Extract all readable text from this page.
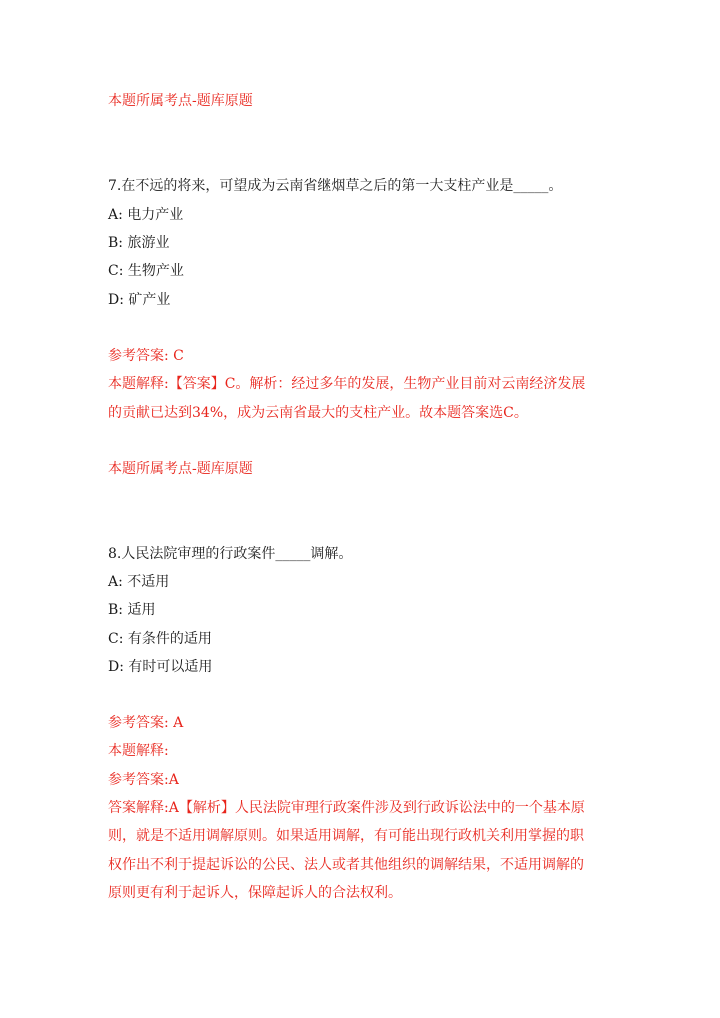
本题所属考点-题库原题
7.在不远的将来，可望成为云南省继烟草之后的第一大支柱产业是_____。
A: 电力产业
B: 旅游业
C: 生物产业
D: 矿产业
参考答案: C
本题解释:【答案】C。解析：经过多年的发展，生物产业目前对云南经济发展
的贡献已达到34%，成为云南省最大的支柱产业。故本题答案选C。
本题所属考点-题库原题
8.人民法院审理的行政案件_____调解。
A: 不适用
B: 适用
C: 有条件的适用
D: 有时可以适用
参考答案: A
本题解释:
参考答案:A
答案解释:A【解析】人民法院审理行政案件涉及到行政诉讼法中的一个基本原
则，就是不适用调解原则。如果适用调解，有可能出现行政机关利用掌握的职
权作出不利于提起诉讼的公民、法人或者其他组织的调解结果，不适用调解的
原则更有利于起诉人，保障起诉人的合法权利。
